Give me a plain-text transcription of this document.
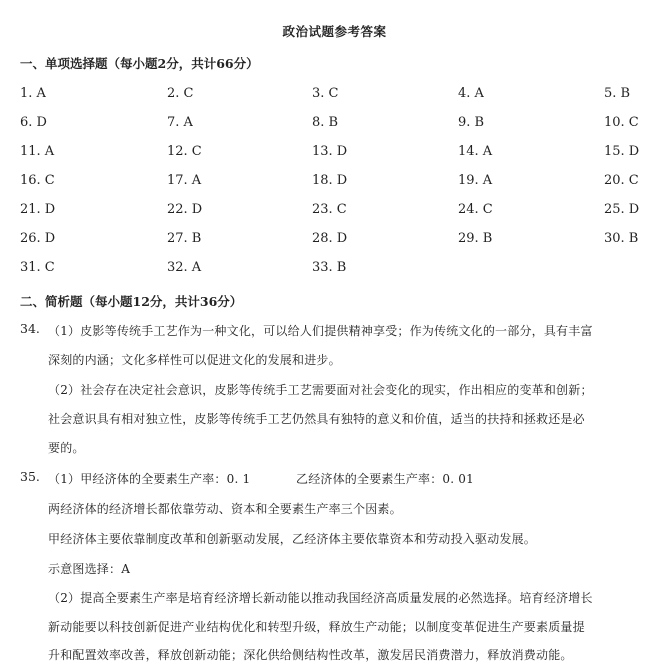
政治试题参考答案
一、单项选择题（每小题2分，共计66分）
1. A	2. C	3. C	4. A	5. B
6. D	7. A	8. B	9. B	10. C
11. A	12. C	13. D	14. A	15. D
16. C	17. A	18. D	19. A	20. C
21. D	22. D	23. C	24. C	25. D
26. D	27. B	28. D	29. B	30. B
31. C	32. A	33. B
二、简析题（每小题12分，共计36分）
34. （1）皮影等传统手工艺作为一种文化，可以给人们提供精神享受；作为传统文化的一部分，具有丰富
深刻的内涵；文化多样性可以促进文化的发展和进步。
（2）社会存在决定社会意识，皮影等传统手工艺需要面对社会变化的现实，作出相应的变革和创新；
社会意识具有相对独立性，皮影等传统手工艺仍然具有独特的意义和价值，适当的扶持和拯救还是必
要的。
35. （1）甲经济体的全要素生产率：0. 1	乙经济体的全要素生产率：0. 01
两经济体的经济增长都依靠劳动、资本和全要素生产率三个因素。
甲经济体主要依靠制度改革和创新驱动发展，乙经济体主要依靠资本和劳动投入驱动发展。
示意图选择：A
（2）提高全要素生产率是培育经济增长新动能以推动我国经济高质量发展的必然选择。培育经济增长
新动能要以科技创新促进产业结构优化和转型升级，释放生产动能；以制度变革促进生产要素质量提
升和配置效率改善，释放创新动能；深化供给侧结构性改革，激发居民消费潜力，释放消费动能。
